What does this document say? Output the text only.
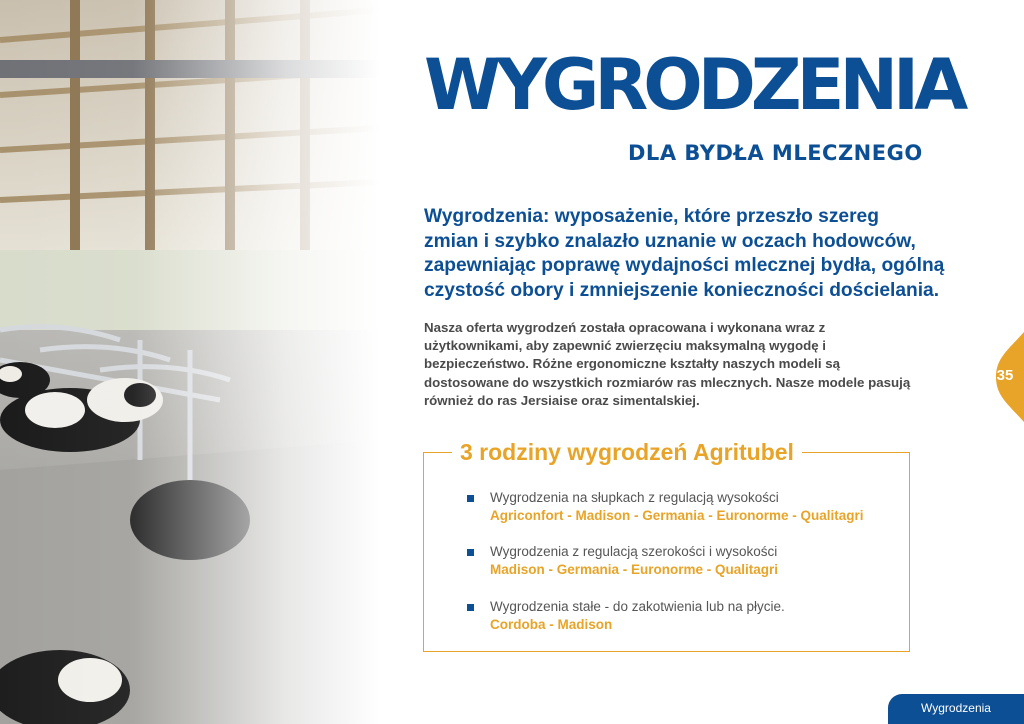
WYGRODZENIA
DLA BYDŁA MLECZNEGO

Wygrodzenia: wyposażenie, które przeszło szereg
zmian i szybko znalazło uznanie w oczach hodowców,
zapewniając poprawę wydajności mlecznej bydła, ogólną
czystość obory i zmniejszenie konieczności dościelania.

Nasza oferta wygrodzeń została opracowana i wykonana wraz z
użytkownikami, aby zapewnić zwierzęciu maksymalną wygodę i
bezpieczeństwo. Różne ergonomiczne kształty naszych modeli są
dostosowane do wszystkich rozmiarów ras mlecznych. Nasze modele pasują
również do ras Jersiaise oraz simentalskiej.

35
3 rodziny wygrodzeń Agritubel
Wygrodzenia na słupkach z regulacją wysokości
Agriconfort - Madison - Germania - Euronorme - Qualitagri
Wygrodzenia z regulacją szerokości i wysokości
Madison - Germania - Euronorme - Qualitagri
Wygrodzenia stałe - do zakotwienia lub na płycie.
Cordoba - Madison
Wygrodzenia
